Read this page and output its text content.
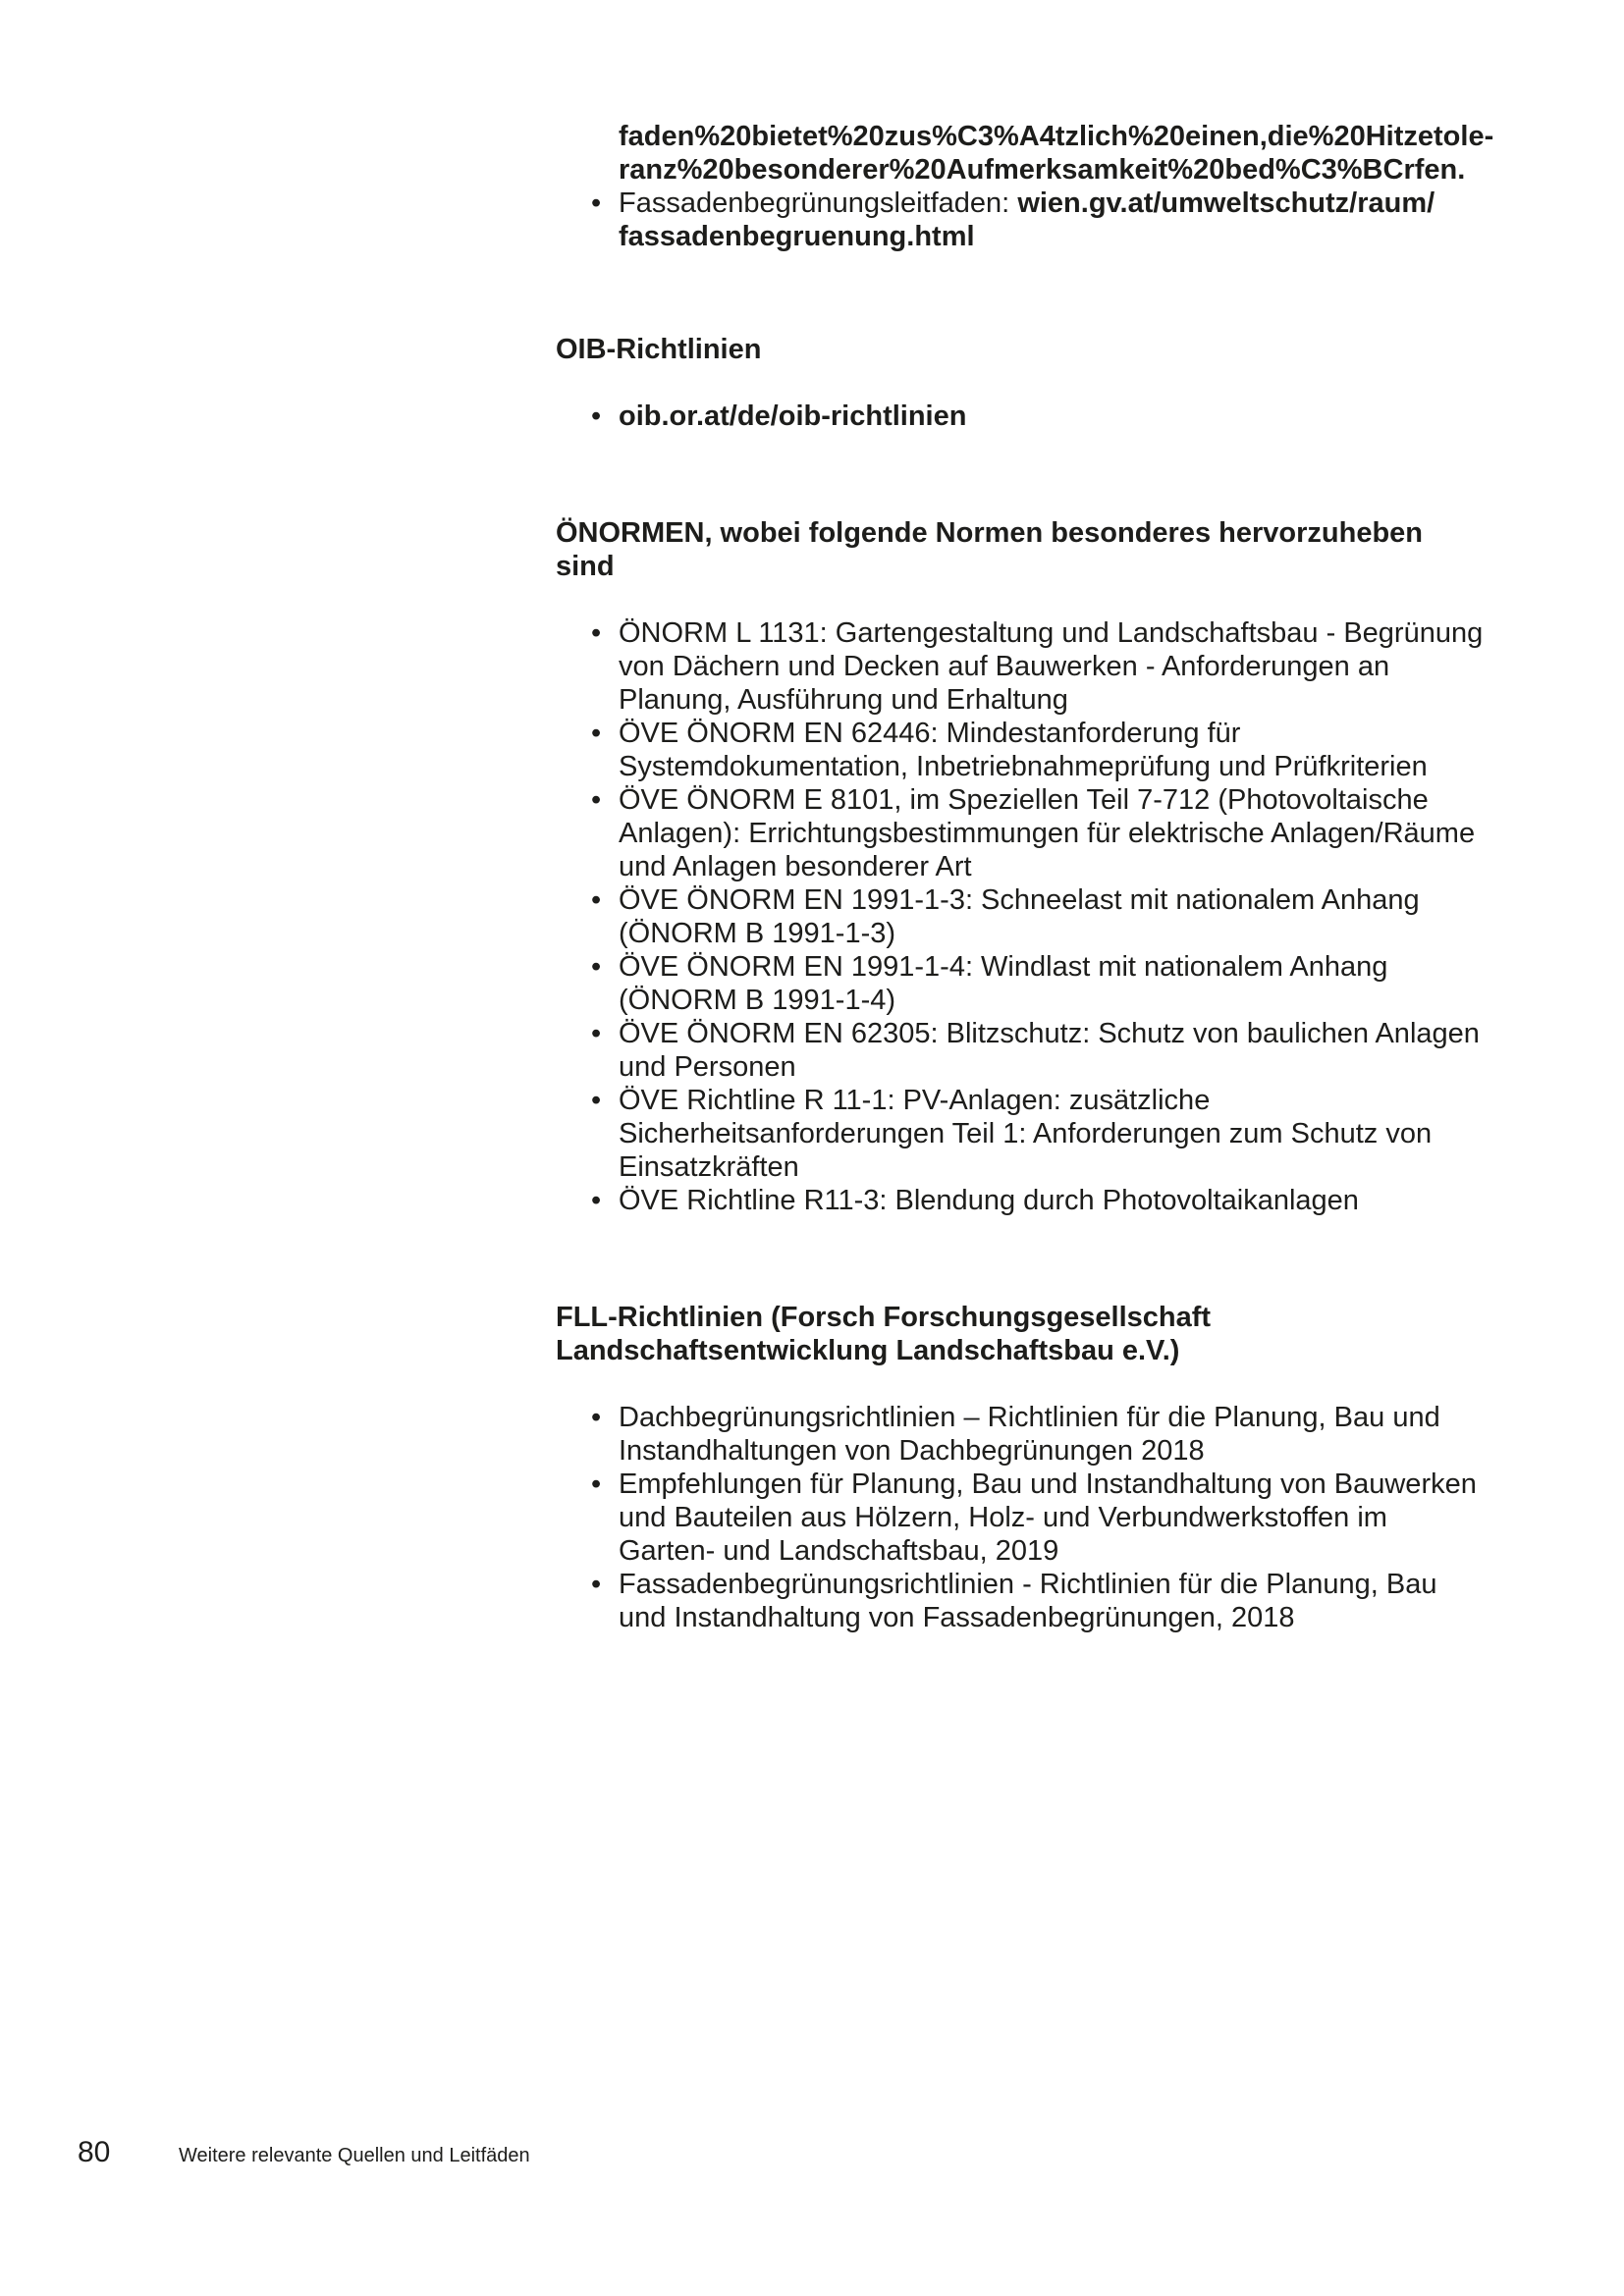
faden%20bietet%20zus%C3%A4tzlich%20einen,die%20Hitzetole-
ranz%20besonderer%20Aufmerksamkeit%20bed%C3%BCrfen.
• Fassadenbegrünungsleitfaden: wien.gv.at/umweltschutz/raum/
fassadenbegruenung.html

OIB-Richtlinien

• oib.or.at/de/oib-richtlinien

ÖNORMEN, wobei folgende Normen besonderes hervorzuheben sind

• ÖNORM L 1131: Gartengestaltung und Landschaftsbau - Begrünung von Dächern und Decken auf Bauwerken - Anforderungen an Planung, Ausführung und Erhaltung
• ÖVE ÖNORM EN 62446: Mindestanforderung für Systemdokumentation, Inbetriebnahmeprüfung und Prüfkriterien
• ÖVE ÖNORM E 8101, im Speziellen Teil 7-712 (Photovoltaische Anlagen): Errichtungsbestimmungen für elektrische Anlagen/Räume und Anlagen besonderer Art
• ÖVE ÖNORM EN 1991-1-3: Schneelast mit nationalem Anhang (ÖNORM B 1991-1-3)
• ÖVE ÖNORM EN 1991-1-4: Windlast mit nationalem Anhang (ÖNORM B 1991-1-4)
• ÖVE ÖNORM EN 62305: Blitzschutz: Schutz von baulichen Anlagen und Personen
• ÖVE Richtline R 11-1: PV-Anlagen: zusätzliche Sicherheitsanforderungen Teil 1: Anforderungen zum Schutz von Einsatzkräften
• ÖVE Richtline R11-3: Blendung durch Photovoltaikanlagen

FLL-Richtlinien (Forsch Forschungsgesellschaft Landschaftsentwicklung Landschaftsbau e.V.)

• Dachbegrünungsrichtlinien – Richtlinien für die Planung, Bau und Instandhaltungen von Dachbegrünungen 2018
• Empfehlungen für Planung, Bau und Instandhaltung von Bauwerken und Bauteilen aus Hölzern, Holz- und Verbundwerkstoffen im Garten- und Landschaftsbau, 2019
• Fassadenbegrünungsrichtlinien - Richtlinien für die Planung, Bau und Instandhaltung von Fassadenbegrünungen, 2018
80	Weitere relevante Quellen und Leitfäden
